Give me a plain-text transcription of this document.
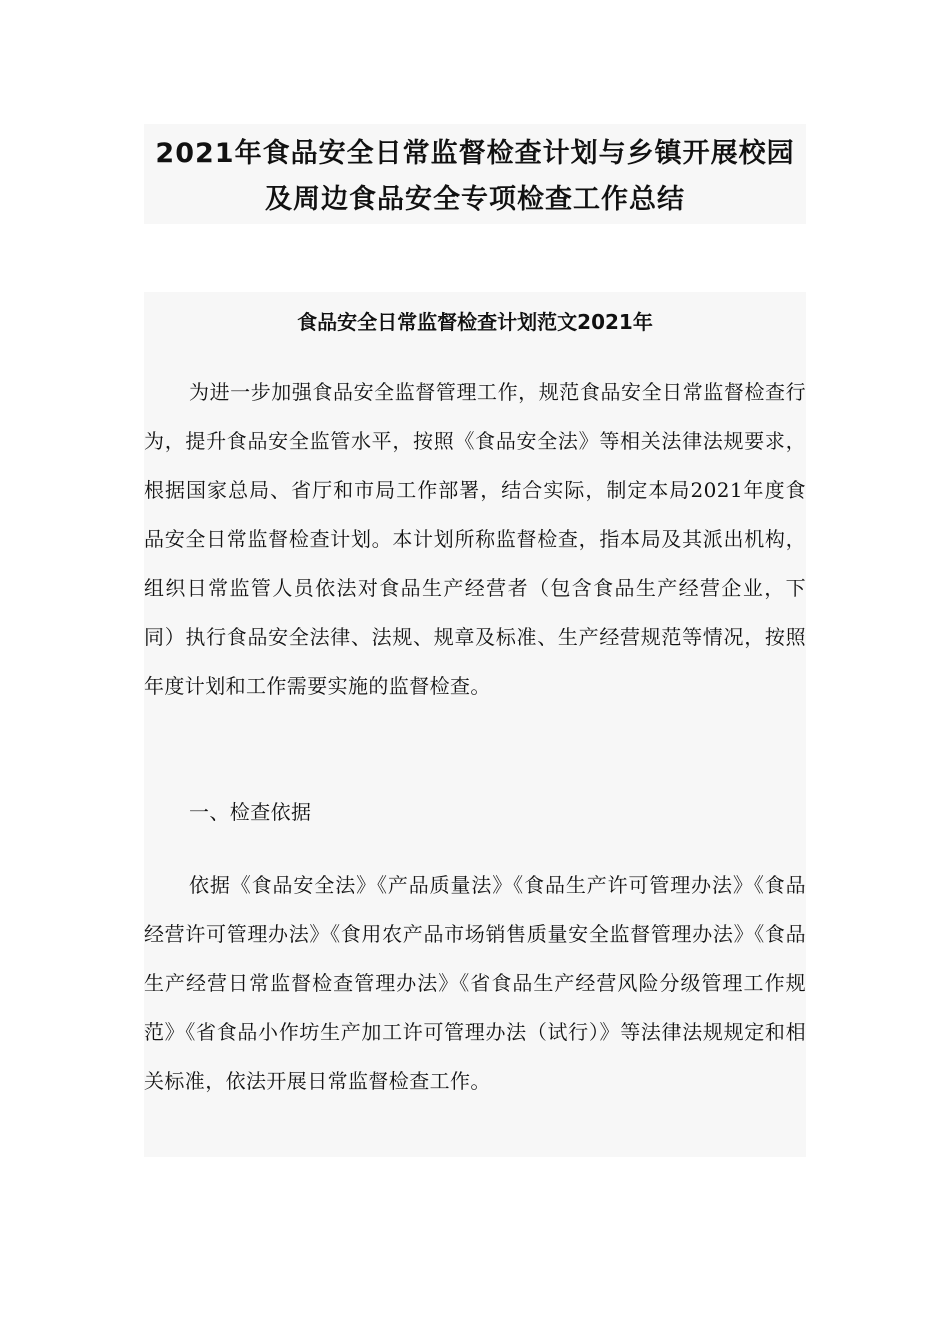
2021年食品安全日常监督检查计划与乡镇开展校园
及周边食品安全专项检查工作总结
食品安全日常监督检查计划范文2021年

为进一步加强食品安全监督管理工作，规范食品安全日常监督检查行为，提升食品安全监管水平，按照《食品安全法》等相关法律法规要求，根据国家总局、省厅和市局工作部署，结合实际，制定本局2021年度食品安全日常监督检查计划。本计划所称监督检查，指本局及其派出机构，组织日常监管人员依法对食品生产经营者（包含食品生产经营企业，下同）执行食品安全法律、法规、规章及标准、生产经营规范等情况，按照年度计划和工作需要实施的监督检查。

一、检查依据

依据《食品安全法》《产品质量法》《食品生产许可管理办法》《食品经营许可管理办法》《食用农产品市场销售质量安全监督管理办法》《食品生产经营日常监督检查管理办法》《省食品生产经营风险分级管理工作规范》《省食品小作坊生产加工许可管理办法（试行）》等法律法规规定和相关标准，依法开展日常监督检查工作。
